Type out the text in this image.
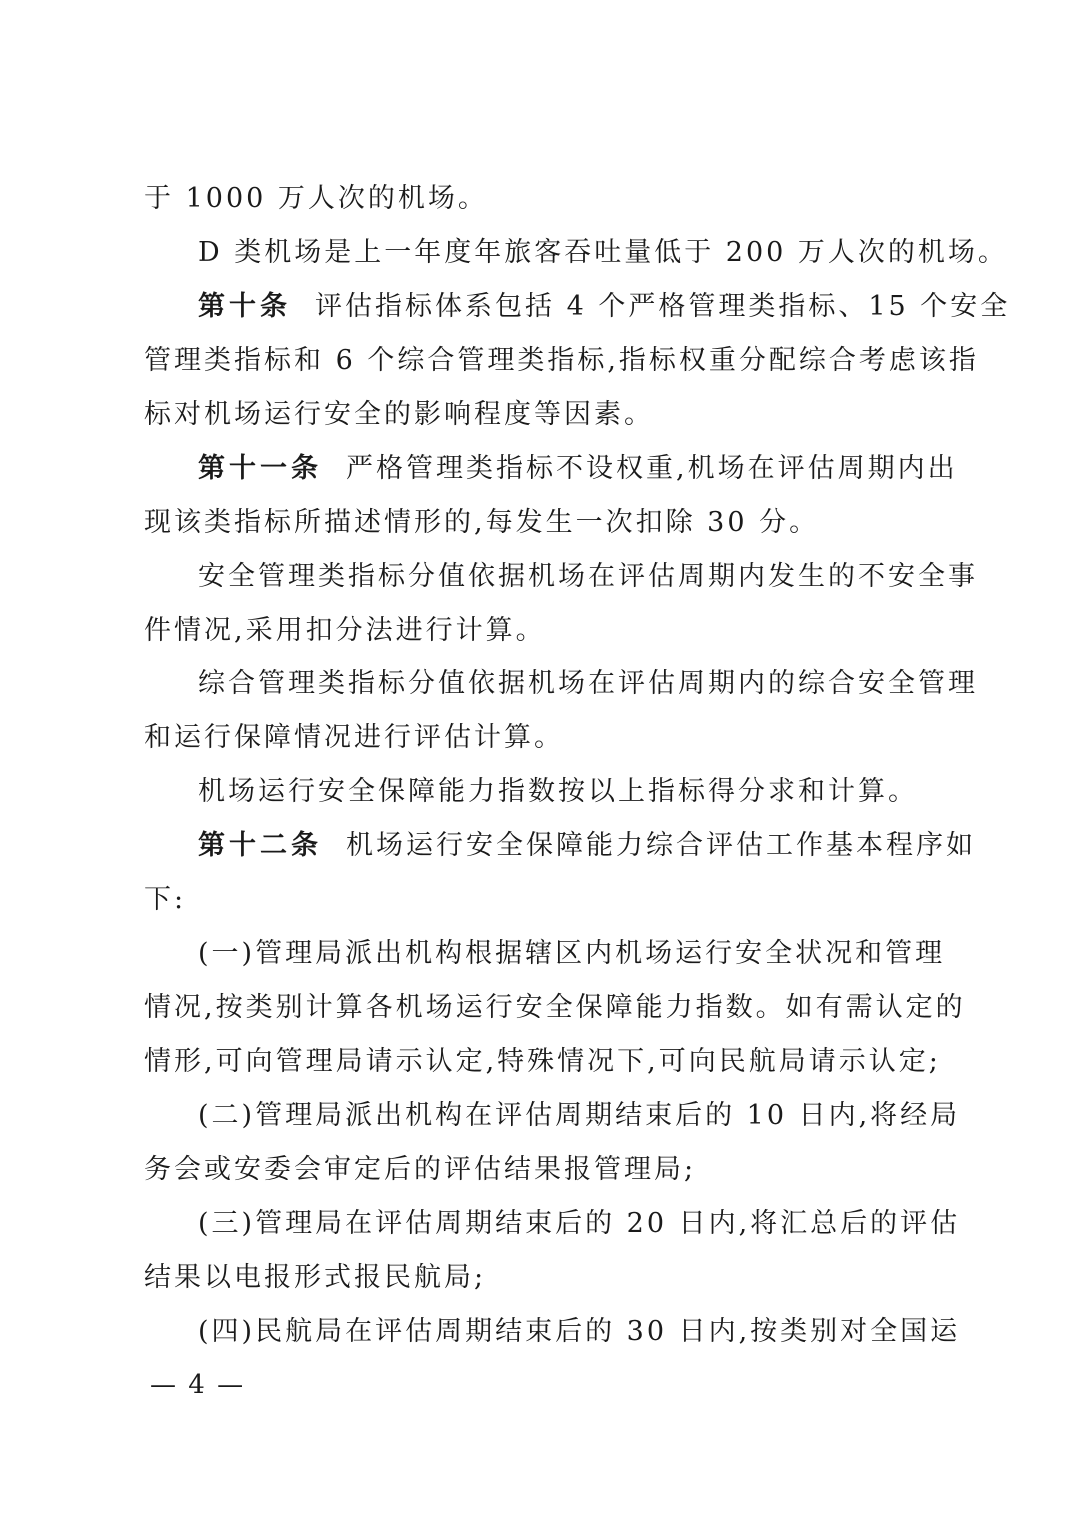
于 1000 万人次的机场。
D 类机场是上一年度年旅客吞吐量低于 200 万人次的机场。
第十条 评估指标体系包括 4 个严格管理类指标、15 个安全
管理类指标和 6 个综合管理类指标,指标权重分配综合考虑该指
标对机场运行安全的影响程度等因素。
第十一条 严格管理类指标不设权重,机场在评估周期内出
现该类指标所描述情形的,每发生一次扣除 30 分。
安全管理类指标分值依据机场在评估周期内发生的不安全事
件情况,采用扣分法进行计算。
综合管理类指标分值依据机场在评估周期内的综合安全管理
和运行保障情况进行评估计算。
机场运行安全保障能力指数按以上指标得分求和计算。
第十二条 机场运行安全保障能力综合评估工作基本程序如
下:
(一)管理局派出机构根据辖区内机场运行安全状况和管理
情况,按类别计算各机场运行安全保障能力指数。如有需认定的
情形,可向管理局请示认定,特殊情况下,可向民航局请示认定;
(二)管理局派出机构在评估周期结束后的 10 日内,将经局
务会或安委会审定后的评估结果报管理局;
(三)管理局在评估周期结束后的 20 日内,将汇总后的评估
结果以电报形式报民航局;
(四)民航局在评估周期结束后的 30 日内,按类别对全国运
— 4 —
